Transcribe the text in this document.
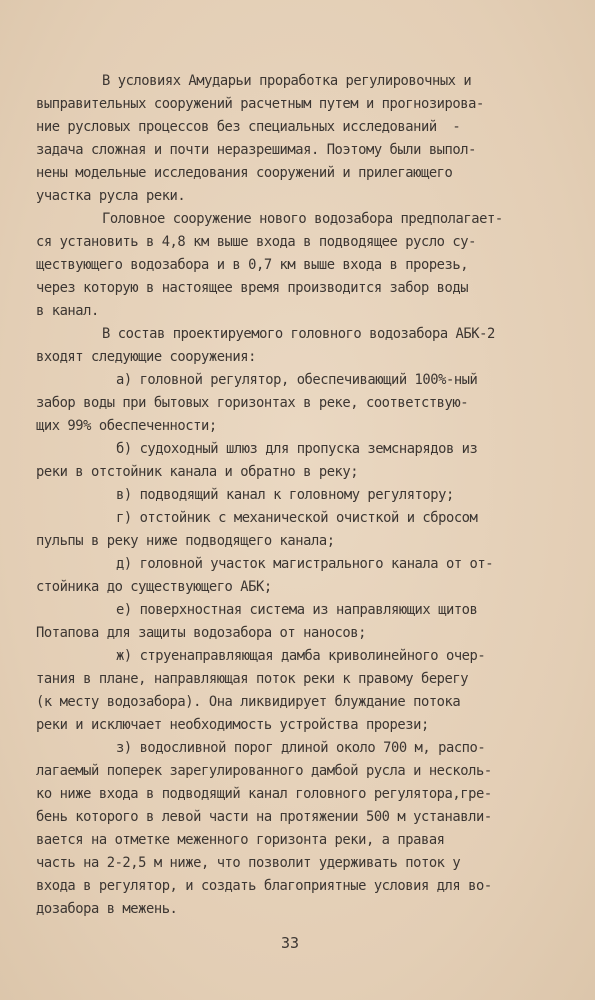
В условиях Амударьи проработка регулировочных и
выправительных сооружений расчетным путем и прогнозирова-
ние русловых процессов без специальных исследований  -
задача сложная и почти неразрешимая. Поэтому были выпол-
нены модельные исследования сооружений и прилегающего
участка русла реки.
Головное сооружение нового водозабора предполагает-
ся установить в 4,8 км выше входа в подводящее русло су-
ществующего водозабора и в 0,7 км выше входа в прорезь,
через которую в настоящее время производится забор воды
в канал.
В состав проектируемого головного водозабора АБК-2
входят следующие сооружения:
а) головной регулятор, обеспечивающий 100%-ный
забор воды при бытовых горизонтах в реке, соответствую-
щих 99% обеспеченности;
б) судоходный шлюз для пропуска земснарядов из
реки в отстойник канала и обратно в реку;
в) подводящий канал к головному регулятору;
г) отстойник с механической очисткой и сбросом
пульпы в реку ниже подводящего канала;
д) головной участок магистрального канала от от-
стойника до существующего АБК;
е) поверхностная система из направляющих щитов
Потапова для защиты водозабора от наносов;
ж) струенаправляющая дамба криволинейного очер-
тания в плане, направляющая поток реки к правому берегу
(к месту водозабора). Она ликвидирует блуждание потока
реки и исключает необходимость устройства прорези;
з) водосливной порог длиной около 700 м, распо-
лагаемый поперек зарегулированного дамбой русла и несколь-
ко ниже входа в подводящий канал головного регулятора,гре-
бень которого в левой части на протяжении 500 м устанавли-
вается на отметке меженного горизонта реки, а правая
часть на 2-2,5 м ниже, что позволит удерживать поток у
входа в регулятор, и создать благоприятные условия для во-
дозабора в межень.
33
